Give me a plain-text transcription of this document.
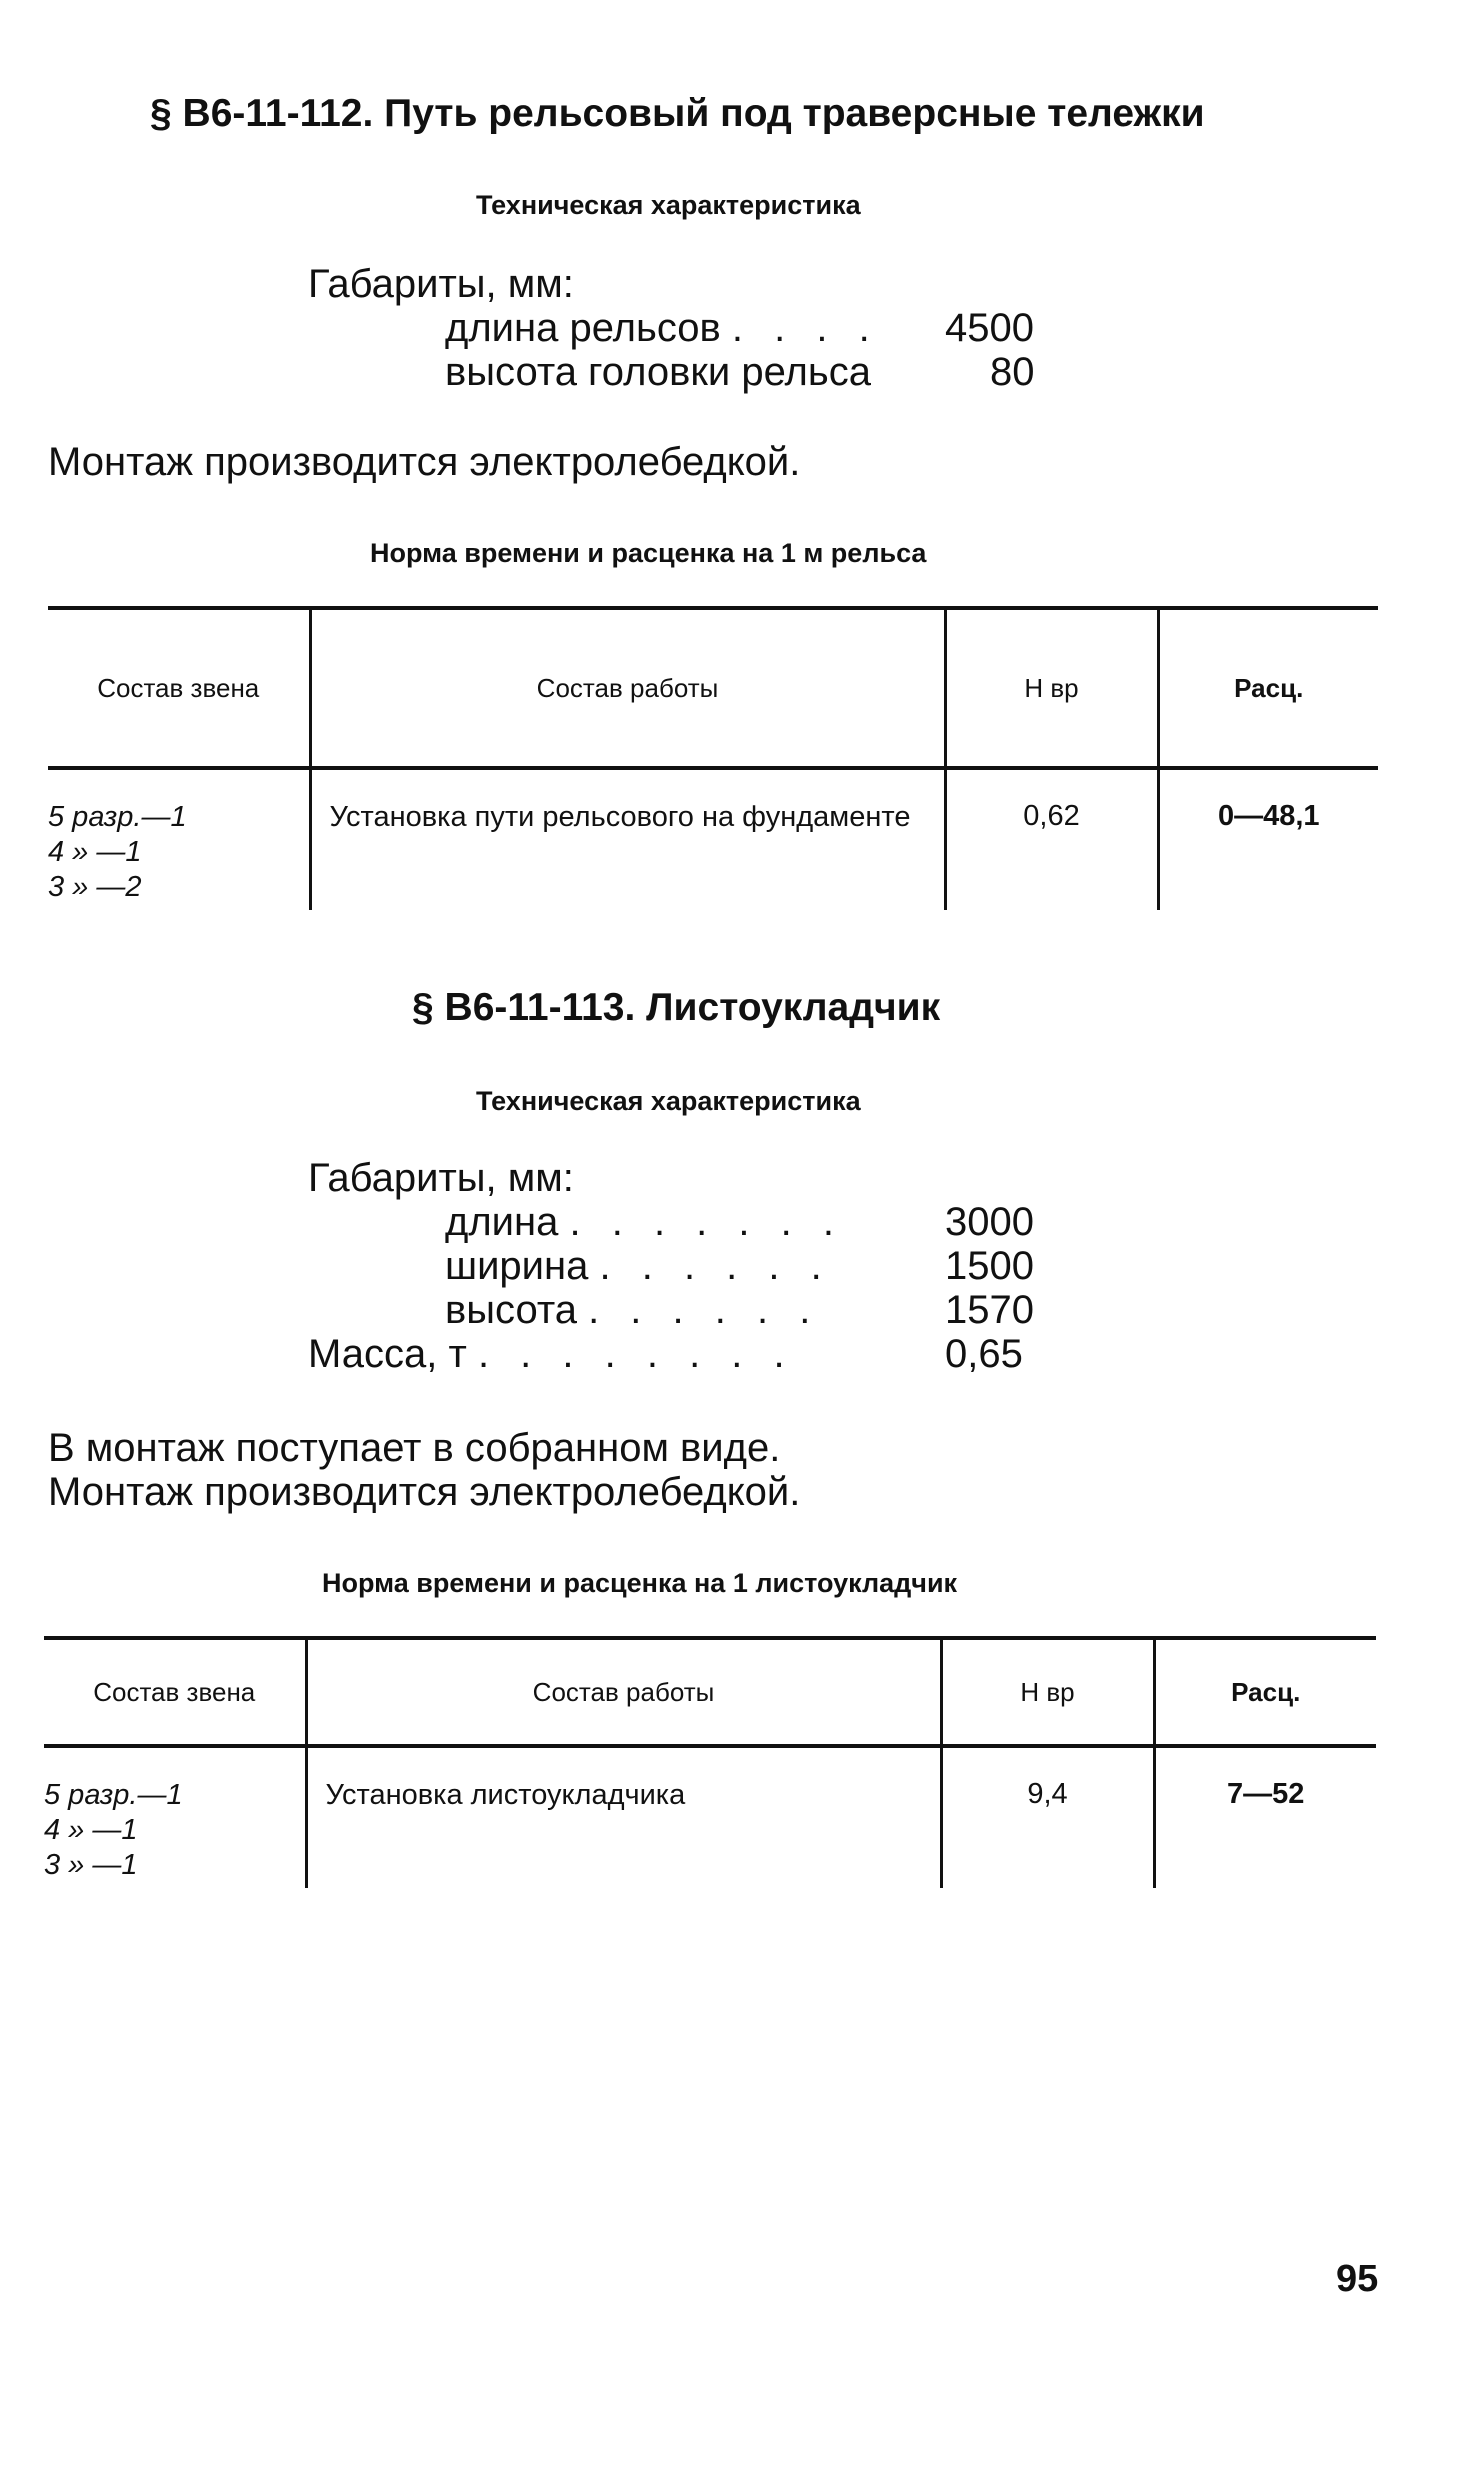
§ В6-11-112. Путь рельсовый под траверсные тележки
Техническая характеристика
Габариты, мм:
длина рельсов . . . . 4500
высота головки рельса	80
Монтаж производится электролебедкой.
Норма времени и расценка на 1 м рельса
Состав звена	Состав работы	Н вр	Расц.

5 разр.—1
4 » —1
3 » —2	Установка пути рельсового на фундаменте	0,62	0—48,1
§ В6-11-113. Листоукладчик
Техническая характеристика
Габариты, мм:
длина . . . . . . .	3000
ширина . . . . . .	1500
высота . . . . . .	1570
Масса, т . . . . . . . .	0,65
В монтаж поступает в собранном виде.
Монтаж производится электролебедкой.
Норма времени и расценка на 1 листоукладчик
Состав звена	Состав работы	Н вр	Расц.

5 разр.—1
4 » —1
3 » —1	Установка листоукладчика	9,4	7—52
95
